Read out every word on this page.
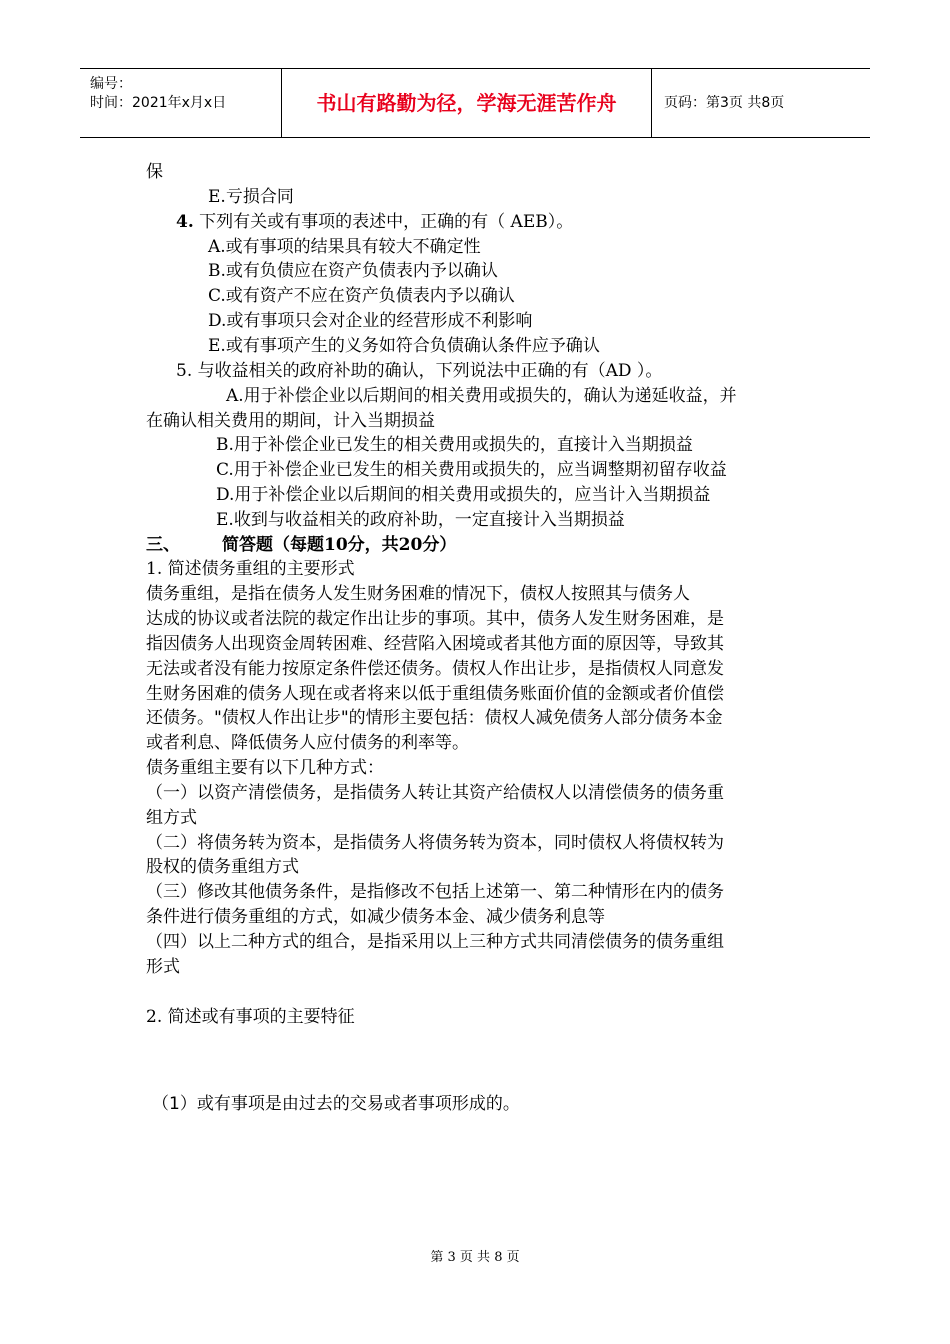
编号：
时间：2021年x月x日	书山有路勤为径，学海无涯苦作舟	页码：第3页 共8页
保
E.亏损合同
4. 下列有关或有事项的表述中，正确的有（ AEB）。
A.或有事项的结果具有较大不确定性
B.或有负债应在资产负债表内予以确认
C.或有资产不应在资产负债表内予以确认
D.或有事项只会对企业的经营形成不利影响
E.或有事项产生的义务如符合负债确认条件应予确认
5. 与收益相关的政府补助的确认，下列说法中正确的有（AD ）。
A.用于补偿企业以后期间的相关费用或损失的，确认为递延收益，并
在确认相关费用的期间，计入当期损益
B.用于补偿企业已发生的相关费用或损失的，直接计入当期损益
C.用于补偿企业已发生的相关费用或损失的，应当调整期初留存收益
D.用于补偿企业以后期间的相关费用或损失的，应当计入当期损益
E.收到与收益相关的政府补助，一定直接计入当期损益
三、 简答题（每题10分，共20分）
1. 简述债务重组的主要形式
债务重组，是指在债务人发生财务困难的情况下，债权人按照其与债务人
达成的协议或者法院的裁定作出让步的事项。其中，债务人发生财务困难，是
指因债务人出现资金周转困难、经营陷入困境或者其他方面的原因等，导致其
无法或者没有能力按原定条件偿还债务。债权人作出让步，是指债权人同意发
生财务困难的债务人现在或者将来以低于重组债务账面价值的金额或者价值偿
还债务。"债权人作出让步"的情形主要包括：债权人减免债务人部分债务本金
或者利息、降低债务人应付债务的利率等。
债务重组主要有以下几种方式：
（一）以资产清偿债务，是指债务人转让其资产给债权人以清偿债务的债务重
组方式
（二）将债务转为资本，是指债务人将债务转为资本，同时债权人将债权转为
股权的债务重组方式
（三）修改其他债务条件，是指修改不包括上述第一、第二种情形在内的债务
条件进行债务重组的方式，如减少债务本金、减少债务利息等
（四）以上二种方式的组合，是指采用以上三种方式共同清偿债务的债务重组
形式
2. 简述或有事项的主要特征
（1）或有事项是由过去的交易或者事项形成的。
第 3 页 共 8 页
